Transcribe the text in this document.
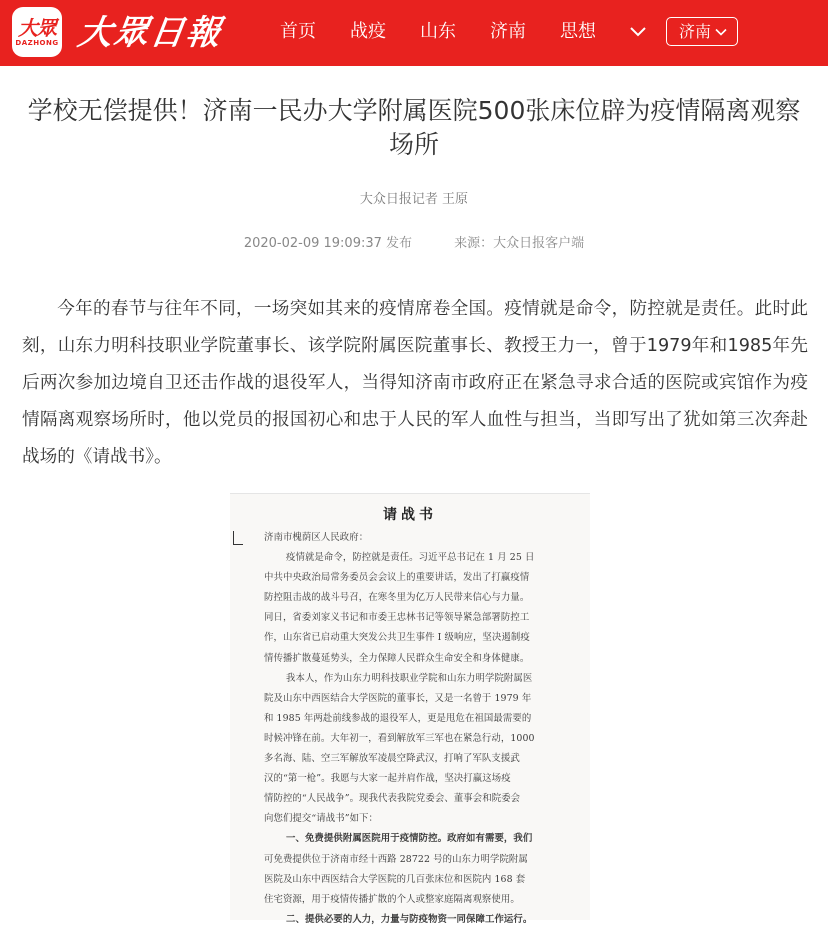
大眾
DAZHONG 大眾日報	首页 战疫 山东 济南 思想	济南
学校无偿提供！济南一民办大学附属医院500张床位辟为疫情隔离观察场所
大众日报记者 王原
2020-02-09 19:09:37 发布	来源：大众日报客户端

今年的春节与往年不同，一场突如其来的疫情席卷全国。疫情就是命令，防控就是责任。此时此刻，山东力明科技职业学院董事长、该学院附属医院董事长、教授王力一，曾于1979年和1985年先后两次参加边境自卫还击作战的退役军人，当得知济南市政府正在紧急寻求合适的医院或宾馆作为疫情隔离观察场所时，他以党员的报国初心和忠于人民的军人血性与担当，当即写出了犹如第三次奔赴战场的《请战书》。

请战书
济南市槐荫区人民政府：
疫情就是命令，防控就是责任。习近平总书记在 1 月 25 日
中共中央政治局常务委员会会议上的重要讲话，发出了打赢疫情
防控阻击战的战斗号召，在寒冬里为亿万人民带来信心与力量。
同日，省委刘家义书记和市委王忠林书记等领导紧急部署防控工
作，山东省已启动重大突发公共卫生事件 I 级响应，坚决遏制疫
情传播扩散蔓延势头，全力保障人民群众生命安全和身体健康。
我本人，作为山东力明科技职业学院和山东力明学院附属医
院及山东中西医结合大学医院的董事长，又是一名曾于 1979 年
和 1985 年两赴前线参战的退役军人，更是甩危在祖国最需要的
时候冲锋在前。大年初一，看到解放军三军也在紧急行动，1000
多名海、陆、空三军解放军凌晨空降武汉，打响了军队支援武
汉的“第一枪”。我愿与大家一起并肩作战，坚决打赢这场疫
情防控的“人民战争”。现我代表我院党委会、董事会和院委会
向您们提交“请战书”如下：
一、免费提供附属医院用于疫情防控。政府如有需要，我们
可免费提供位于济南市经十西路 28722 号的山东力明学院附属
医院及山东中西医结合大学医院的几百张床位和医院内 168 套
住宅资源，用于疫情传播扩散的个人或整家庭隔离观察使用。
二、提供必要的人力，力量与防疫物资一同保障工作运行。
